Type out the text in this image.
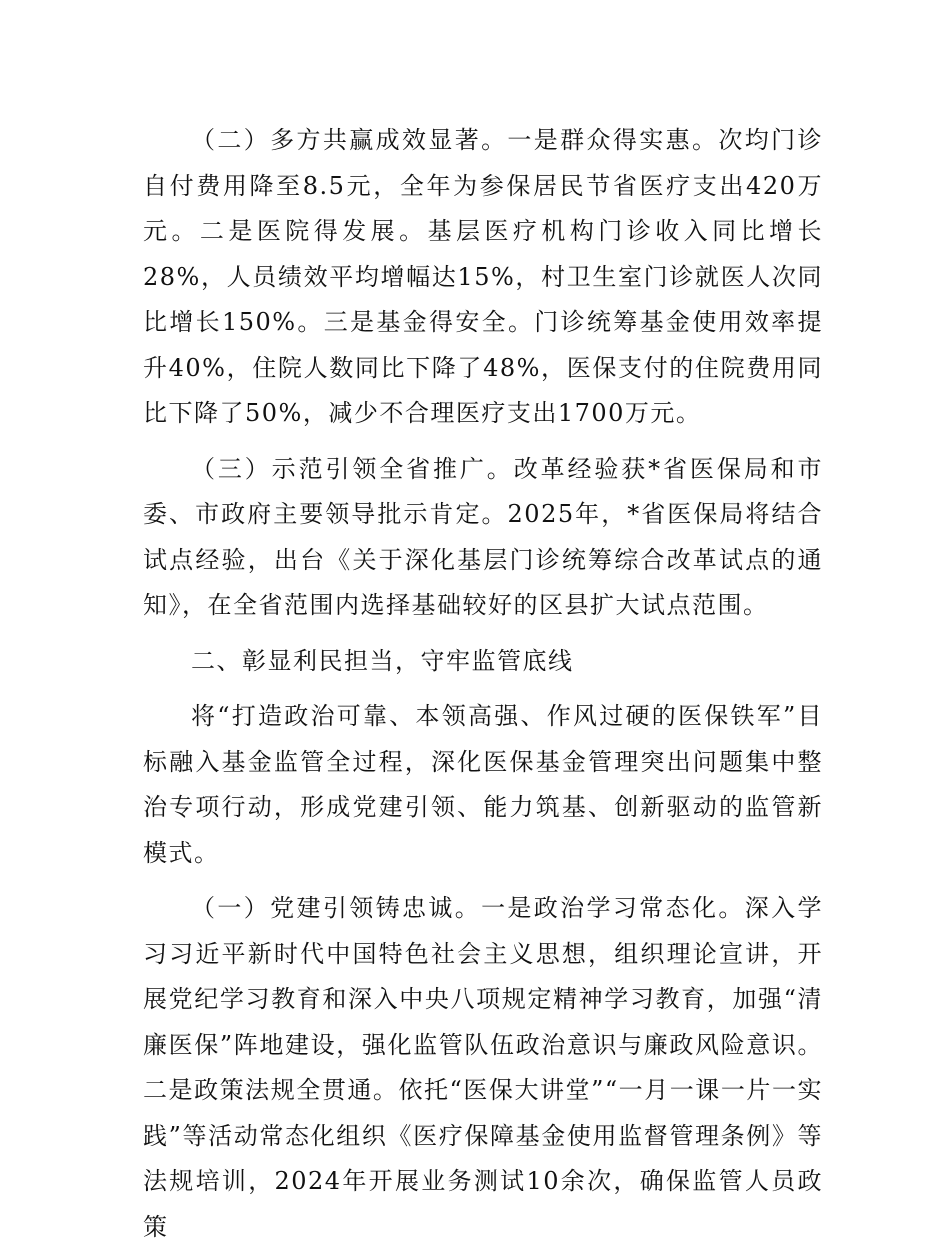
（二）多方共赢成效显著。一是群众得实惠。次均门诊自付费用降至8.5元，全年为参保居民节省医疗支出420万元。二是医院得发展。基层医疗机构门诊收入同比增长28%，人员绩效平均增幅达15%，村卫生室门诊就医人次同比增长150%。三是基金得安全。门诊统筹基金使用效率提升40%，住院人数同比下降了48%，医保支付的住院费用同比下降了50%，减少不合理医疗支出1700万元。

（三）示范引领全省推广。改革经验获*省医保局和市委、市政府主要领导批示肯定。2025年，*省医保局将结合试点经验，出台《关于深化基层门诊统筹综合改革试点的通知》，在全省范围内选择基础较好的区县扩大试点范围。

二、彰显利民担当，守牢监管底线

将“打造政治可靠、本领高强、作风过硬的医保铁军”目标融入基金监管全过程，深化医保基金管理突出问题集中整治专项行动，形成党建引领、能力筑基、创新驱动的监管新模式。

（一）党建引领铸忠诚。一是政治学习常态化。深入学习习近平新时代中国特色社会主义思想，组织理论宣讲，开展党纪学习教育和深入中央八项规定精神学习教育，加强“清廉医保”阵地建设，强化监管队伍政治意识与廉政风险意识。二是政策法规全贯通。依托“医保大讲堂”“一月一课一片一实践”等活动常态化组织《医疗保障基金使用监督管理条例》等法规培训，2024年开展业务测试10余次，确保监管人员政策
